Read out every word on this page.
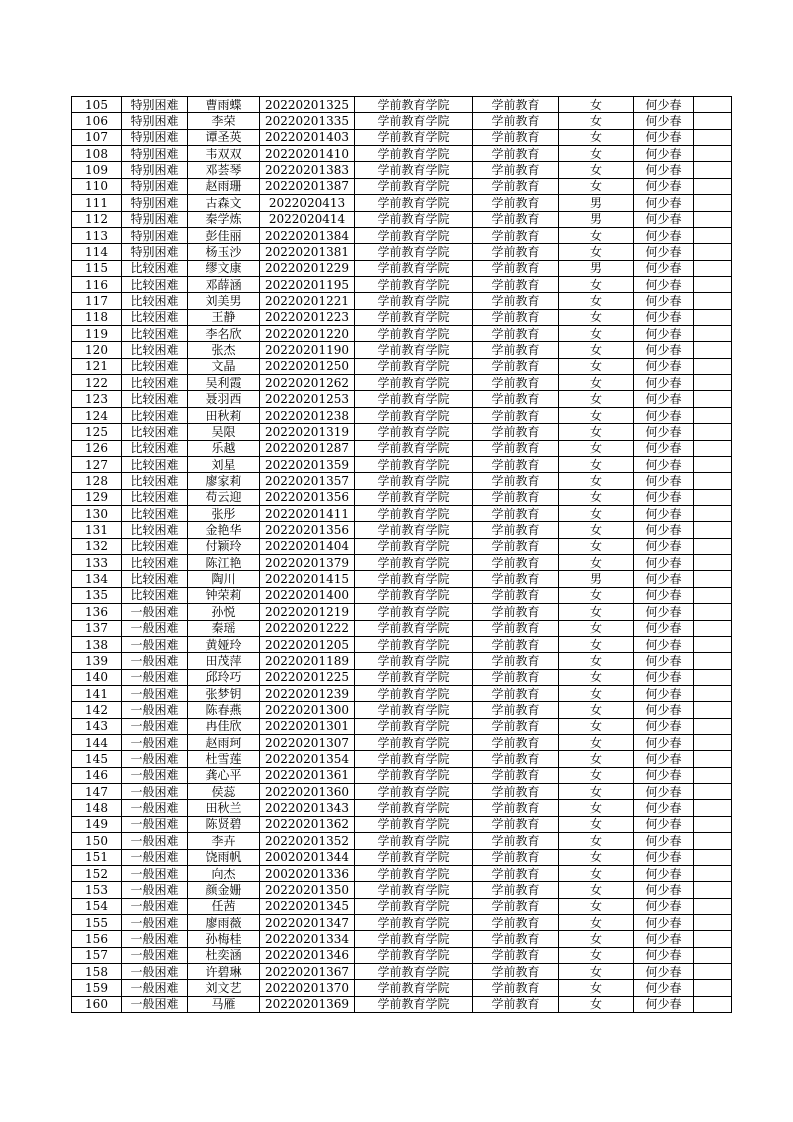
105	特别困难	曹雨蝶	20220201325	学前教育学院	学前教育	女	何少春	
106	特别困难	李荣	20220201335	学前教育学院	学前教育	女	何少春	
107	特别困难	谭圣英	20220201403	学前教育学院	学前教育	女	何少春	
108	特别困难	韦双双	20220201410	学前教育学院	学前教育	女	何少春	
109	特别困难	邓荟琴	20220201383	学前教育学院	学前教育	女	何少春	
110	特别困难	赵雨珊	20220201387	学前教育学院	学前教育	女	何少春	
111	特别困难	古森文	2022020413	学前教育学院	学前教育	男	何少春	
112	特别困难	秦学炼	2022020414	学前教育学院	学前教育	男	何少春	
113	特别困难	彭佳丽	20220201384	学前教育学院	学前教育	女	何少春	
114	特别困难	杨玉沙	20220201381	学前教育学院	学前教育	女	何少春	
115	比较困难	缪文康	20220201229	学前教育学院	学前教育	男	何少春	
116	比较困难	邓薛涵	20220201195	学前教育学院	学前教育	女	何少春	
117	比较困难	刘美男	20220201221	学前教育学院	学前教育	女	何少春	
118	比较困难	王静	20220201223	学前教育学院	学前教育	女	何少春	
119	比较困难	李名欣	20220201220	学前教育学院	学前教育	女	何少春	
120	比较困难	张杰	20220201190	学前教育学院	学前教育	女	何少春	
121	比较困难	文晶	20220201250	学前教育学院	学前教育	女	何少春	
122	比较困难	吴利霞	20220201262	学前教育学院	学前教育	女	何少春	
123	比较困难	聂羽西	20220201253	学前教育学院	学前教育	女	何少春	
124	比较困难	田秋莉	20220201238	学前教育学院	学前教育	女	何少春	
125	比较困难	吴限	20220201319	学前教育学院	学前教育	女	何少春	
126	比较困难	乐越	20220201287	学前教育学院	学前教育	女	何少春	
127	比较困难	刘星	20220201359	学前教育学院	学前教育	女	何少春	
128	比较困难	廖家莉	20220201357	学前教育学院	学前教育	女	何少春	
129	比较困难	苟云迎	20220201356	学前教育学院	学前教育	女	何少春	
130	比较困难	张彤	20220201411	学前教育学院	学前教育	女	何少春	
131	比较困难	金艳华	20220201356	学前教育学院	学前教育	女	何少春	
132	比较困难	付颖玲	20220201404	学前教育学院	学前教育	女	何少春	
133	比较困难	陈江艳	20220201379	学前教育学院	学前教育	女	何少春	
134	比较困难	陶川	20220201415	学前教育学院	学前教育	男	何少春	
135	比较困难	钟荣莉	20220201400	学前教育学院	学前教育	女	何少春	
136	一般困难	孙悦	20220201219	学前教育学院	学前教育	女	何少春	
137	一般困难	秦瑶	20220201222	学前教育学院	学前教育	女	何少春	
138	一般困难	黄娅玲	20220201205	学前教育学院	学前教育	女	何少春	
139	一般困难	田茂萍	20220201189	学前教育学院	学前教育	女	何少春	
140	一般困难	邱玲巧	20220201225	学前教育学院	学前教育	女	何少春	
141	一般困难	张梦钥	20220201239	学前教育学院	学前教育	女	何少春	
142	一般困难	陈春燕	20220201300	学前教育学院	学前教育	女	何少春	
143	一般困难	冉佳欣	20220201301	学前教育学院	学前教育	女	何少春	
144	一般困难	赵雨珂	20220201307	学前教育学院	学前教育	女	何少春	
145	一般困难	杜雪莲	20220201354	学前教育学院	学前教育	女	何少春	
146	一般困难	龚心平	20220201361	学前教育学院	学前教育	女	何少春	
147	一般困难	侯蕊	20220201360	学前教育学院	学前教育	女	何少春	
148	一般困难	田秋兰	20220201343	学前教育学院	学前教育	女	何少春	
149	一般困难	陈贤碧	20220201362	学前教育学院	学前教育	女	何少春	
150	一般困难	李卉	20220201352	学前教育学院	学前教育	女	何少春	
151	一般困难	饶雨帆	20020201344	学前教育学院	学前教育	女	何少春	
152	一般困难	向杰	20020201336	学前教育学院	学前教育	女	何少春	
153	一般困难	颜金姗	20220201350	学前教育学院	学前教育	女	何少春	
154	一般困难	任茜	20220201345	学前教育学院	学前教育	女	何少春	
155	一般困难	廖雨薇	20220201347	学前教育学院	学前教育	女	何少春	
156	一般困难	孙梅桂	20220201334	学前教育学院	学前教育	女	何少春	
157	一般困难	杜奕涵	20220201346	学前教育学院	学前教育	女	何少春	
158	一般困难	许碧琳	20220201367	学前教育学院	学前教育	女	何少春	
159	一般困难	刘文艺	20220201370	学前教育学院	学前教育	女	何少春	
160	一般困难	马雁	20220201369	学前教育学院	学前教育	女	何少春	
